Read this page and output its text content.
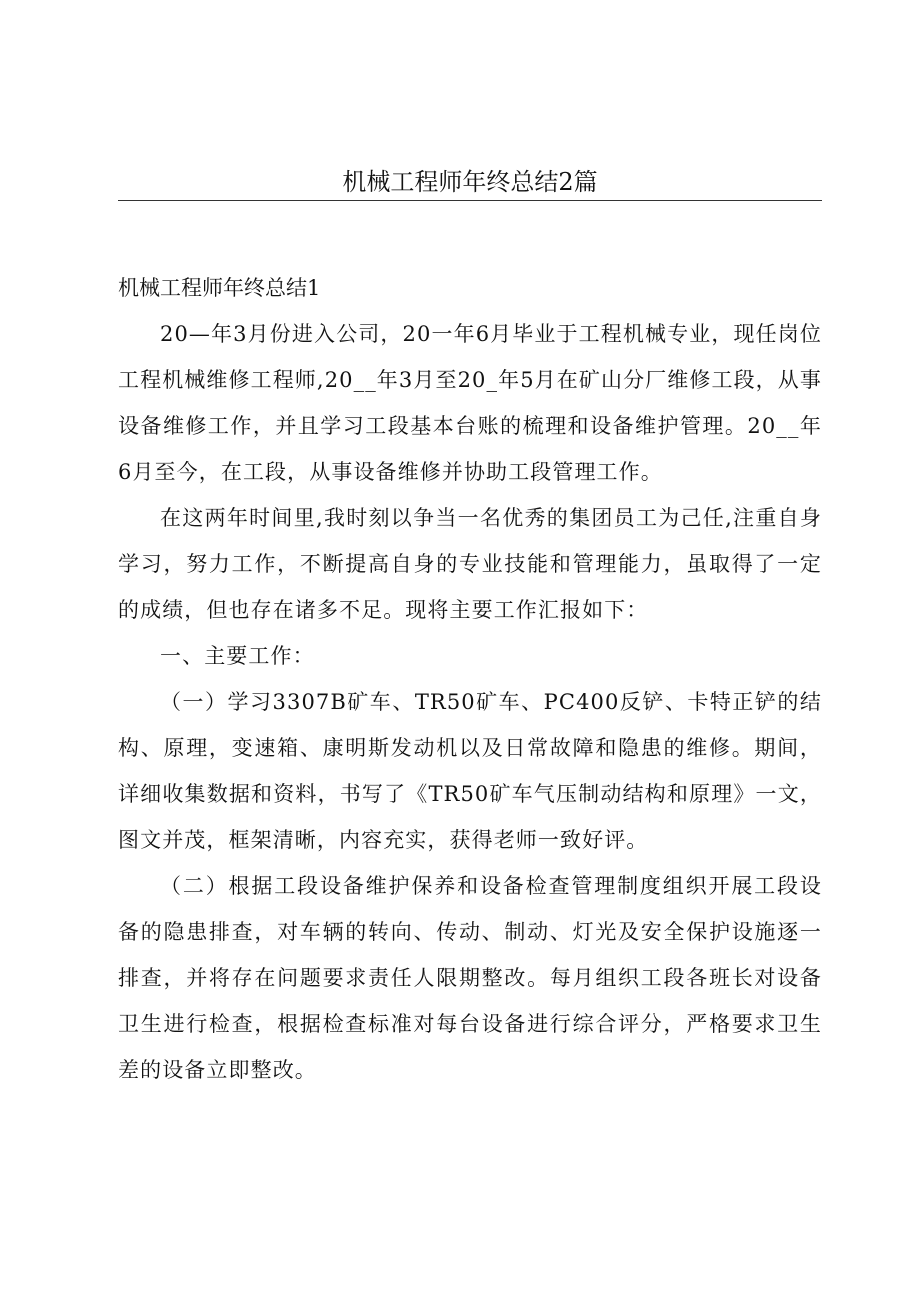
机械工程师年终总结2篇

机械工程师年终总结1

20—年3月份进入公司，20一年6月毕业于工程机械专业，现任岗位工程机械维修工程师,20__年3月至20_年5月在矿山分厂维修工段，从事设备维修工作，并且学习工段基本台账的梳理和设备维护管理。20__年6月至今，在工段，从事设备维修并协助工段管理工作。

在这两年时间里,我时刻以争当一名优秀的集团员工为己任,注重自身学习，努力工作，不断提高自身的专业技能和管理能力，虽取得了一定的成绩，但也存在诸多不足。现将主要工作汇报如下：

一、主要工作：

（一）学习3307B矿车、TR50矿车、PC400反铲、卡特正铲的结构、原理，变速箱、康明斯发动机以及日常故障和隐患的维修。期间，详细收集数据和资料，书写了《TR50矿车气压制动结构和原理》一文，图文并茂，框架清晰，内容充实，获得老师一致好评。

（二）根据工段设备维护保养和设备检查管理制度组织开展工段设备的隐患排查，对车辆的转向、传动、制动、灯光及安全保护设施逐一排查，并将存在问题要求责任人限期整改。每月组织工段各班长对设备卫生进行检查，根据检查标准对每台设备进行综合评分，严格要求卫生差的设备立即整改。
